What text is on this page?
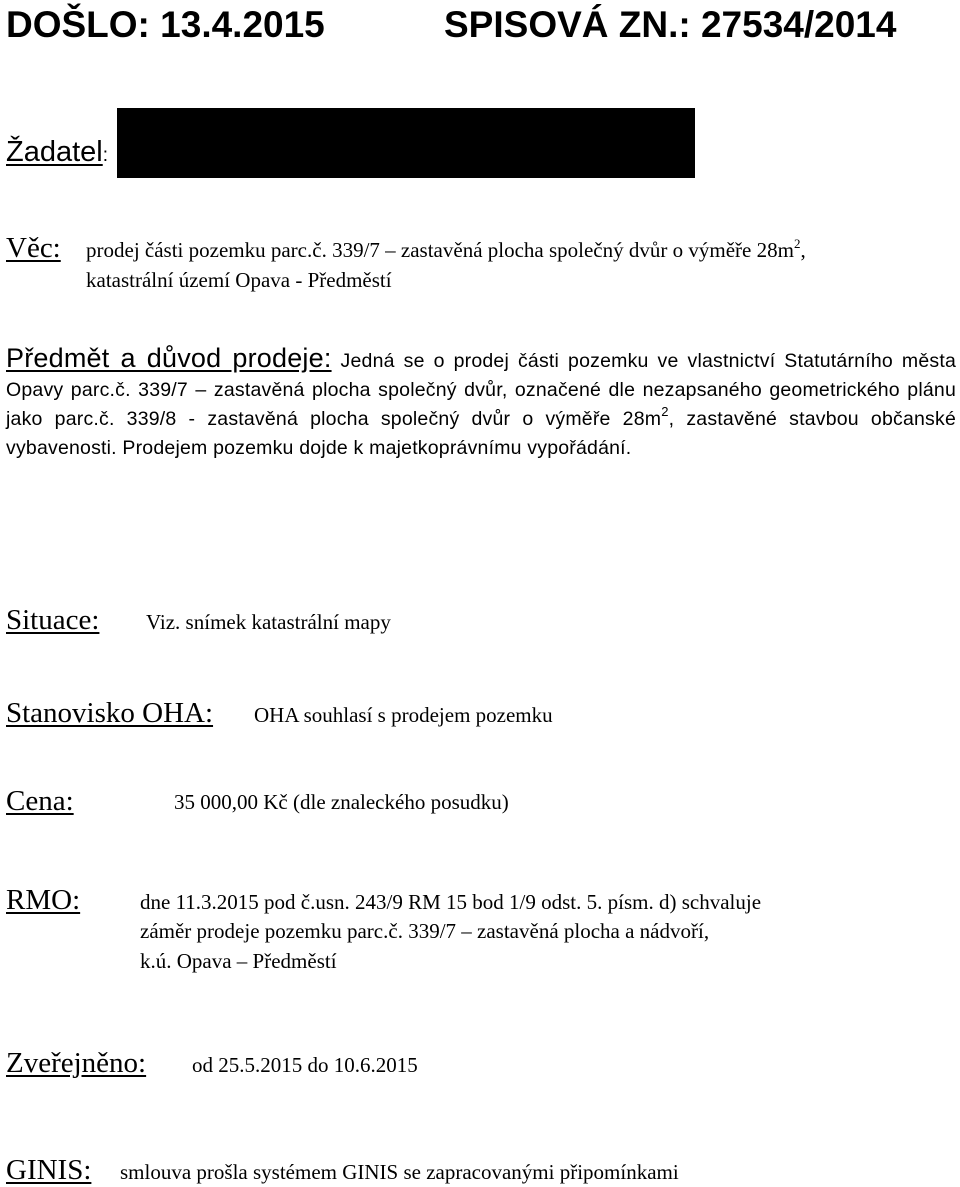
DOŠLO: 13.4.2015	SPISOVÁ ZN.: 27534/2014
Žadatel:
Věc: prodej části pozemku parc.č. 339/7 – zastavěná plocha společný dvůr o výměře $28m^2$,
katastrální území Opava - Předměstí
Předmět a důvod prodeje: Jedná se o prodej části pozemku ve vlastnictví Statutárního města Opavy parc.č. 339/7 – zastavěná plocha společný dvůr, označené dle nezapsaného geometrického plánu jako parc.č. 339/8 - zastavěná plocha společný dvůr o výměře $28m^2$, zastavěné stavbou občanské vybavenosti. Prodejem pozemku dojde k majetkoprávnímu vypořádání.
Situace: Viz. snímek katastrální mapy
Stanovisko OHA: OHA souhlasí s prodejem pozemku
Cena:	35 000,00 Kč (dle znaleckého posudku)
RMO:	dne 11.3.2015 pod č.usn. 243/9 RM 15 bod 1/9 odst. 5. písm. d) schvaluje
záměr prodeje pozemku parc.č. 339/7 – zastavěná plocha a nádvoří,
k.ú. Opava – Předměstí
Zveřejněno: od 25.5.2015 do 10.6.2015
GINIS: smlouva prošla systémem GINIS se zapracovanými připomínkami
